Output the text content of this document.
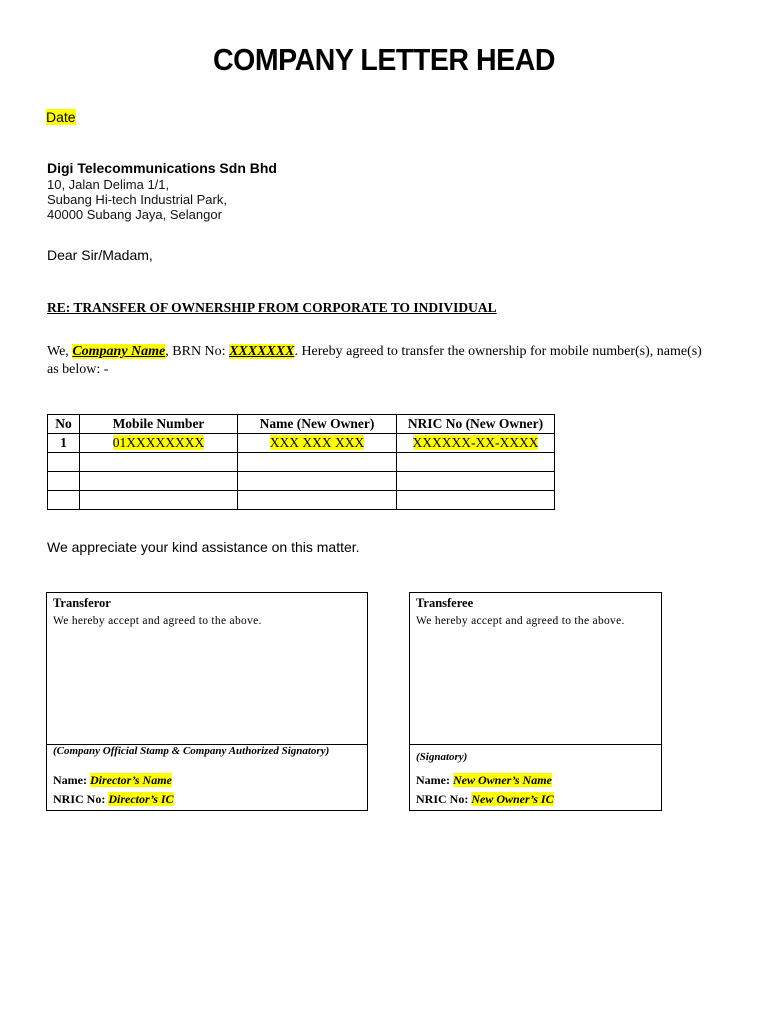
COMPANY LETTER HEAD
Date
Digi Telecommunications Sdn Bhd
10, Jalan Delima 1/1,
Subang Hi-tech Industrial Park,
40000 Subang Jaya, Selangor
Dear Sir/Madam,
RE: TRANSFER OF OWNERSHIP FROM CORPORATE TO INDIVIDUAL
We, Company Name, BRN No: XXXXXXX. Hereby agreed to transfer the ownership for mobile number(s), name(s) as below: -
No	Mobile Number	Name (New Owner)	NRIC No (New Owner)
1	01XXXXXXXX	XXX XXX XXX	XXXXXX-XX-XXXX

We appreciate your kind assistance on this matter.
Transferor
We hereby accept and agreed to the above.
(Company Official Stamp & Company Authorized Signatory)
Name: Director’s Name
NRIC No: Director’s IC
Transferee
We hereby accept and agreed to the above.
(Signatory)
Name: New Owner’s Name
NRIC No: New Owner’s IC
